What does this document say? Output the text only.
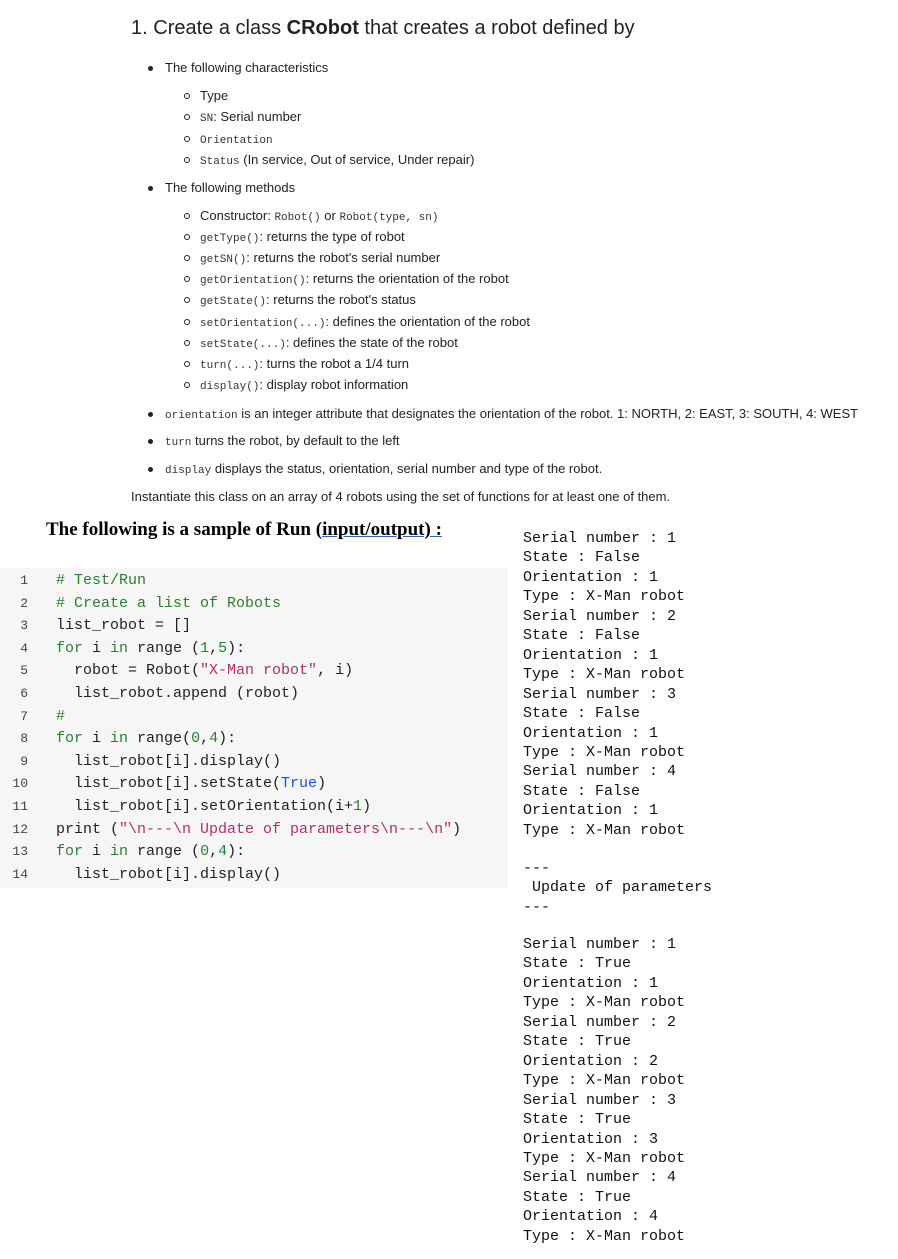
1. Create a class CRobot that creates a robot defined by
The following characteristics
Type
SN: Serial number
Orientation
Status (In service, Out of service, Under repair)
The following methods
Constructor: Robot() or Robot(type, sn)
getType(): returns the type of robot
getSN(): returns the robot's serial number
getOrientation(): returns the orientation of the robot
getState(): returns the robot's status
setOrientation(...): defines the orientation of the robot
setState(...): defines the state of the robot
turn(...): turns the robot a 1/4 turn
display(): display robot information
orientation is an integer attribute that designates the orientation of the robot. 1: NORTH, 2: EAST, 3: SOUTH, 4: WEST
turn turns the robot, by default to the left
display displays the status, orientation, serial number and type of the robot.
Instantiate this class on an array of 4 robots using the set of functions for at least one of them.
The following is a sample of Run (input/output) :
1 # Test/Run
2 # Create a list of Robots
3 list_robot = []
4 for i in range (1,5):
5 robot = Robot("X-Man robot", i)
6 list_robot.append (robot)
7 #
8 for i in range(0,4):
9 list_robot[i].display()
10 list_robot[i].setState(True)
11 list_robot[i].setOrientation(i+1)
12 print ("\n---\n Update of parameters\n---\n")
13 for i in range (0,4):
14 list_robot[i].display()
Serial number : 1
State : False
Orientation : 1
Type : X-Man robot
Serial number : 2
State : False
Orientation : 1
Type : X-Man robot
Serial number : 3
State : False
Orientation : 1
Type : X-Man robot
Serial number : 4
State : False
Orientation : 1
Type : X-Man robot
---
Update of parameters
---
Serial number : 1
State : True
Orientation : 1
Type : X-Man robot
Serial number : 2
State : True
Orientation : 2
Type : X-Man robot
Serial number : 3
State : True
Orientation : 3
Type : X-Man robot
Serial number : 4
State : True
Orientation : 4
Type : X-Man robot
